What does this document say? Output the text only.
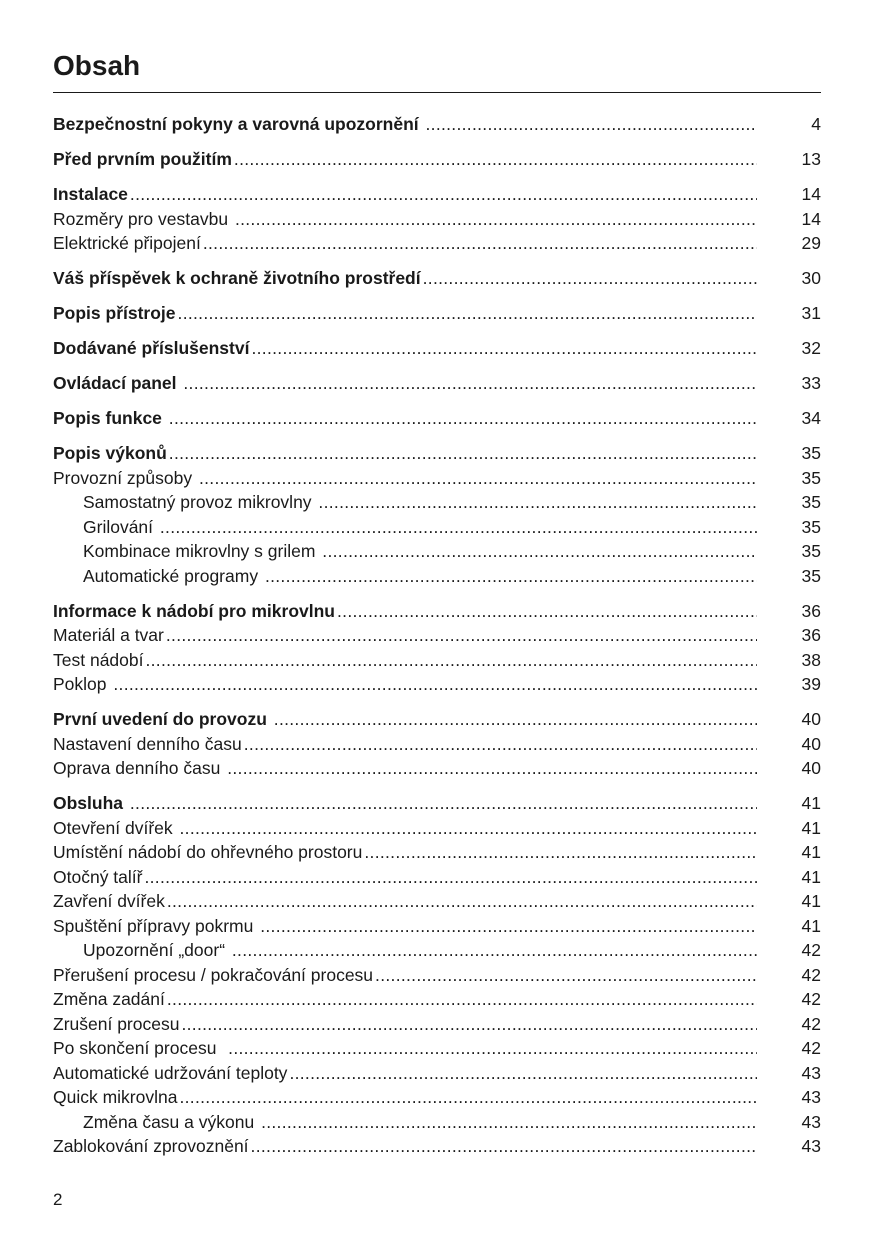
Obsah
Bezpečnostní pokyny a varovná upozornění .....	4
Před prvním použitím .....	13
Instalace .....	14
Rozměry pro vestavbu .....	14
Elektrické připojení .....	29
Váš příspěvek k ochraně životního prostředí .....	30
Popis přístroje .....	31
Dodávané příslušenství .....	32
Ovládací panel .....	33
Popis funkce .....	34
Popis výkonů .....	35
Provozní způsoby .....	35
Samostatný provoz mikrovlny .....	35
Grilování .....	35
Kombinace mikrovlny s grilem .....	35
Automatické programy .....	35
Informace k nádobí pro mikrovlnu .....	36
Materiál a tvar .....	36
Test nádobí .....	38
Poklop .....	39
První uvedení do provozu .....	40
Nastavení denního času .....	40
Oprava denního času .....	40
Obsluha .....	41
Otevření dvířek .....	41
Umístění nádobí do ohřevného prostoru .....	41
Otočný talíř .....	41
Zavření dvířek .....	41
Spuštění přípravy pokrmu .....	41
Upozornění „door“ .....	42
Přerušení procesu / pokračování procesu .....	42
Změna zadání .....	42
Zrušení procesu .....	42
Po skončení procesu .....	42
Automatické udržování teploty .....	43
Quick mikrovlna .....	43
Změna času a výkonu .....	43
Zablokování zprovoznění .....	43
2
